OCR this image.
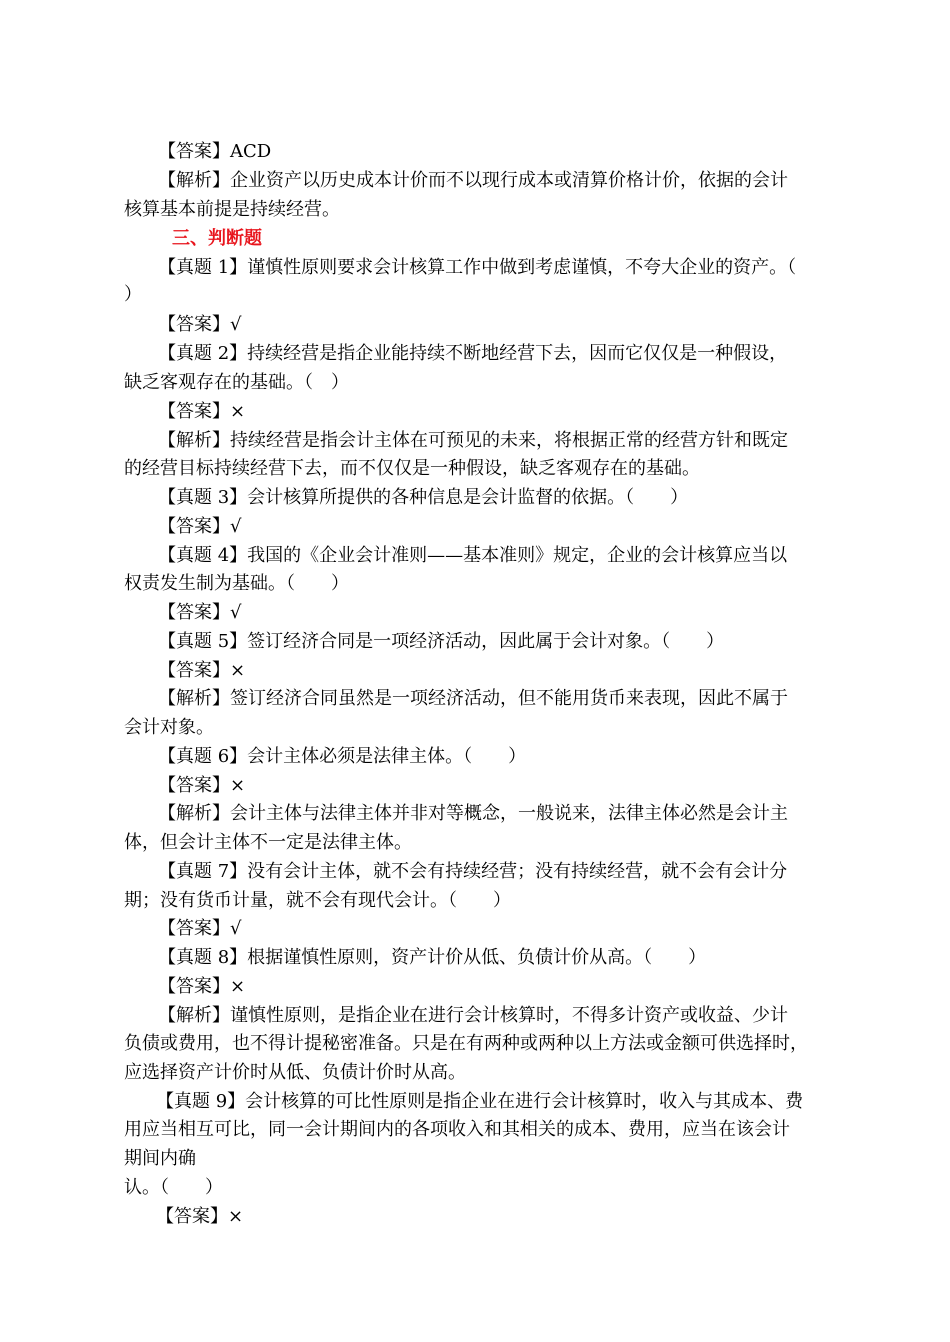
【答案】ACD
【解析】企业资产以历史成本计价而不以现行成本或清算价格计价，依据的会计
核算基本前提是持续经营。
三、判断题
【真题 1】谨慎性原则要求会计核算工作中做到考虑谨慎，不夸大企业的资产。（
）
【答案】√
【真题 2】持续经营是指企业能持续不断地经营下去，因而它仅仅是一种假设，
缺乏客观存在的基础。（　）
【答案】×
【解析】持续经营是指会计主体在可预见的未来，将根据正常的经营方针和既定
的经营目标持续经营下去，而不仅仅是一种假设，缺乏客观存在的基础。
【真题 3】会计核算所提供的各种信息是会计监督的依据。（　　）
【答案】√
【真题 4】我国的《企业会计准则——基本准则》规定，企业的会计核算应当以
权责发生制为基础。（　　）
【答案】√
【真题 5】签订经济合同是一项经济活动，因此属于会计对象。（　　）
【答案】×
【解析】签订经济合同虽然是一项经济活动，但不能用货币来表现，因此不属于
会计对象。
【真题 6】会计主体必须是法律主体。（　　）
【答案】×
【解析】会计主体与法律主体并非对等概念，一般说来，法律主体必然是会计主
体，但会计主体不一定是法律主体。
【真题 7】没有会计主体，就不会有持续经营；没有持续经营，就不会有会计分
期；没有货币计量，就不会有现代会计。（　　）
【答案】√
【真题 8】根据谨慎性原则，资产计价从低、负债计价从高。（　　）
【答案】×
【解析】谨慎性原则，是指企业在进行会计核算时，不得多计资产或收益、少计
负债或费用，也不得计提秘密准备。只是在有两种或两种以上方法或金额可供选择时，
应选择资产计价时从低、负债计价时从高。
【真题 9】会计核算的可比性原则是指企业在进行会计核算时，收入与其成本、费
用应当相互可比，同一会计期间内的各项收入和其相关的成本、费用，应当在该会计
期间内确
认。（　　）
【答案】×
